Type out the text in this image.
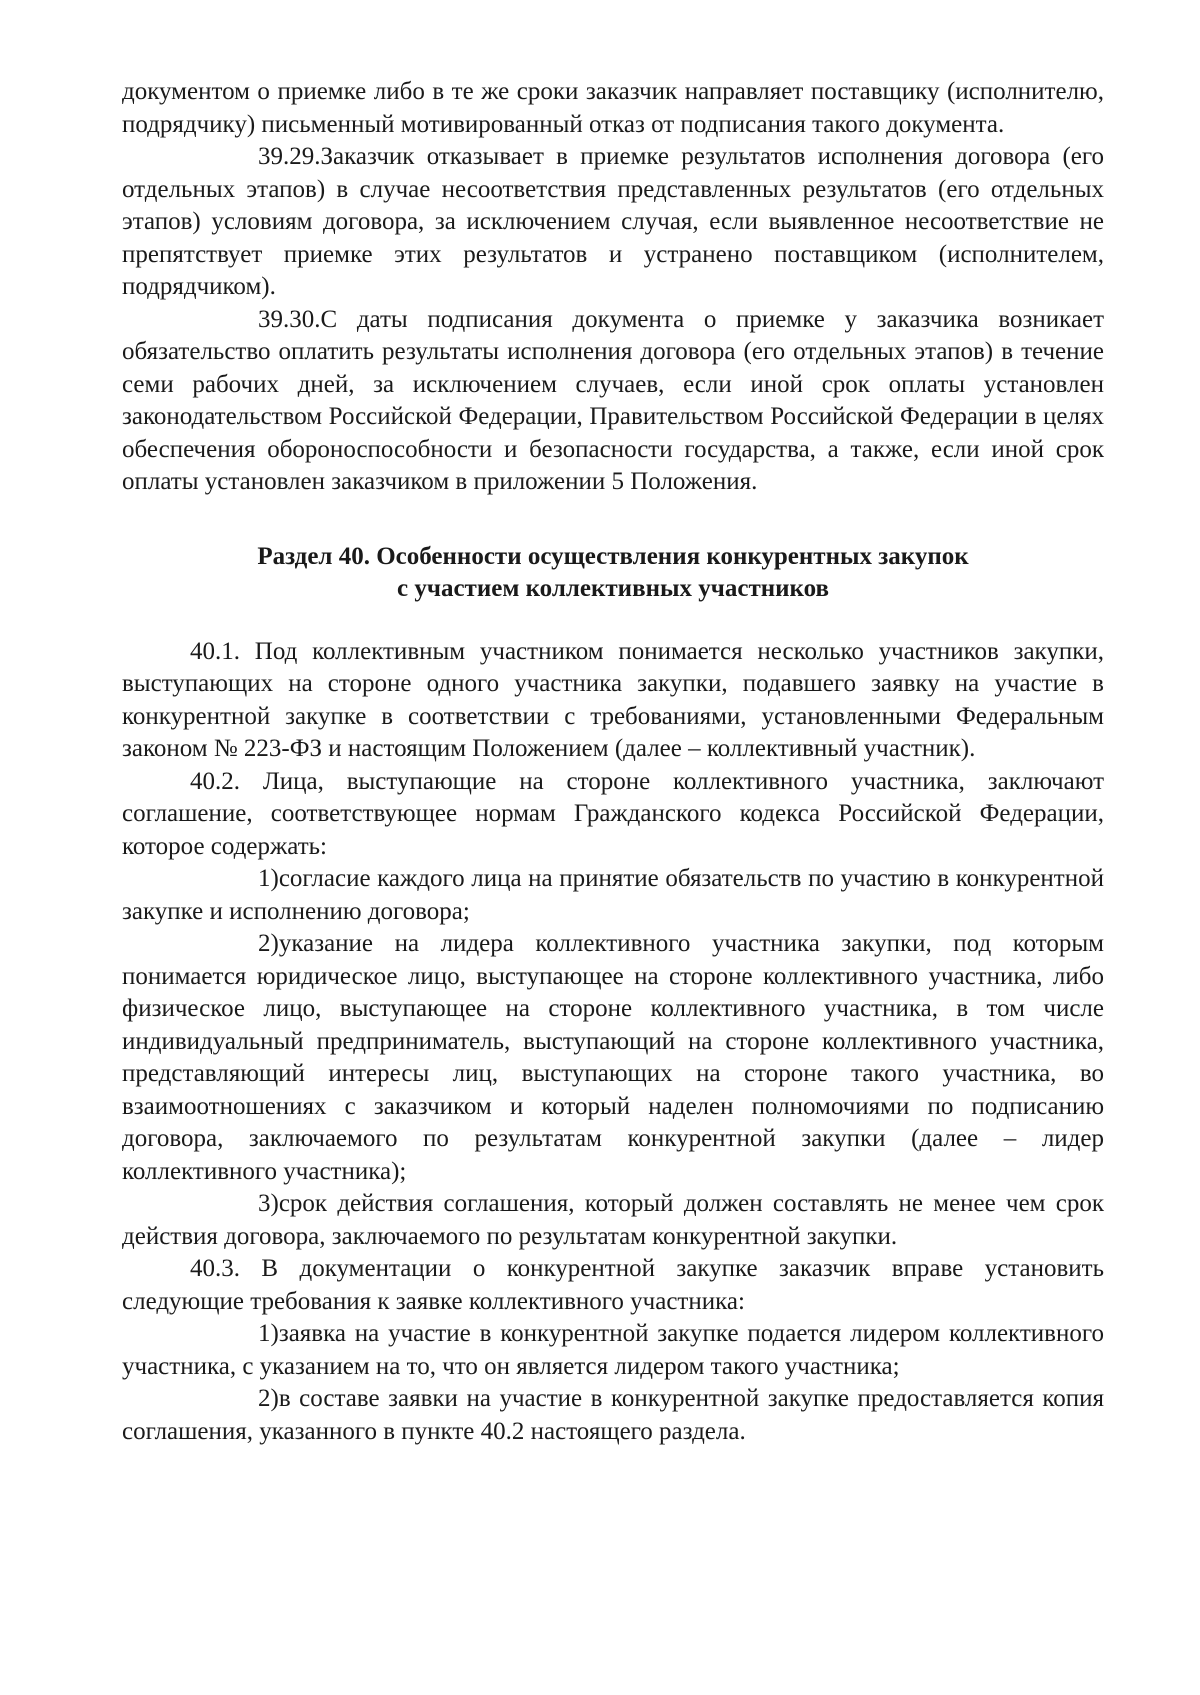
документом о приемке либо в те же сроки заказчик направляет поставщику (исполнителю, подрядчику) письменный мотивированный отказ от подписания такого документа.

39.29.Заказчик отказывает в приемке результатов исполнения договора (его отдельных этапов) в случае несоответствия представленных результатов (его отдельных этапов) условиям договора, за исключением случая, если выявленное несоответствие не препятствует приемке этих результатов и устранено поставщиком (исполнителем, подрядчиком).

39.30.С даты подписания документа о приемке у заказчика возникает обязательство оплатить результаты исполнения договора (его отдельных этапов) в течение семи рабочих дней, за исключением случаев, если иной срок оплаты установлен законодательством Российской Федерации, Правительством Российской Федерации в целях обеспечения обороноспособности и безопасности государства, а также, если иной срок оплаты установлен заказчиком в приложении 5 Положения.

Раздел 40. Особенности осуществления конкурентных закупок
с участием коллективных участников

40.1. Под коллективным участником понимается несколько участников закупки, выступающих на стороне одного участника закупки, подавшего заявку на участие в конкурентной закупке в соответствии с требованиями, установленными Федеральным законом № 223-ФЗ и настоящим Положением (далее – коллективный участник).

40.2. Лица, выступающие на стороне коллективного участника, заключают соглашение, соответствующее нормам Гражданского кодекса Российской Федерации, которое содержать:

1)согласие каждого лица на принятие обязательств по участию в конкурентной закупке и исполнению договора;

2)указание на лидера коллективного участника закупки, под которым понимается юридическое лицо, выступающее на стороне коллективного участника, либо физическое лицо, выступающее на стороне коллективного участника, в том числе индивидуальный предприниматель, выступающий на стороне коллективного участника, представляющий интересы лиц, выступающих на стороне такого участника, во взаимоотношениях с заказчиком и который наделен полномочиями по подписанию договора, заключаемого по результатам конкурентной закупки (далее – лидер коллективного участника);

3)срок действия соглашения, который должен составлять не менее чем срок действия договора, заключаемого по результатам конкурентной закупки.

40.3. В документации о конкурентной закупке заказчик вправе установить следующие требования к заявке коллективного участника:

1)заявка на участие в конкурентной закупке подается лидером коллективного участника, с указанием на то, что он является лидером такого участника;

2)в составе заявки на участие в конкурентной закупке предоставляется копия соглашения, указанного в пункте 40.2 настоящего раздела.
